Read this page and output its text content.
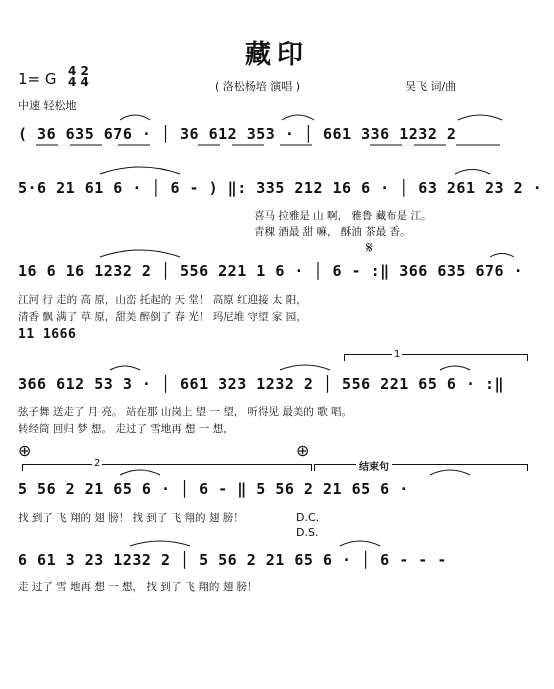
藏印
1= G 4 2
4 4	( 洛松杨培 演唱 )	吴飞 词/曲
中速 轻松地
( 36 635 676 · │ 36 612 353 · │ 661 336 1232 2
5·6 21 61 6 · │ 6 - ) ‖: 335 212 16 6 · │ 63 261 23 2 ·
喜马 拉雅是 山 啊， 雅鲁 藏布是 江。
青稞 酒最 甜 嘛， 酥油 茶最 香。
𝄋
16 6 16 1232 2 │ 556 221 1 6 · │ 6 - :‖ 366 635 676 ·
江河 行 走的 高 原，山峦 托起的 天 堂！ 高原 红迎接 太 阳，
清香 飘 满了 草 原，甜美 醉倒了 春 光！ 玛尼堆 守望 家 园，
11 1666
1
366 612 53 3 · │ 661 323 1232 2 │ 556 221 65 6 · :‖
弦子舞 送走了 月 亮。 站在那 山岗上 望 一 望， 听得见 最美的 歌 唱。
转经筒 回归 梦 想。 走过了 雪地再 想 一 想，
⊕	⊕
2	结束句
5 56 2 21 65 6 · │ 6 - ‖ 5 56 2 21 65 6 ·
找 到了 飞 翔的 翅 膀！ 找 到了 飞 翔的 翅 膀！	D.C.
D.S.
6 61 3 23 1232 2 │ 5 56 2 21 65 6 · │ 6 - - -
走 过了 雪 地再 想 一 想， 找 到了 飞 翔的 翅 膀！
